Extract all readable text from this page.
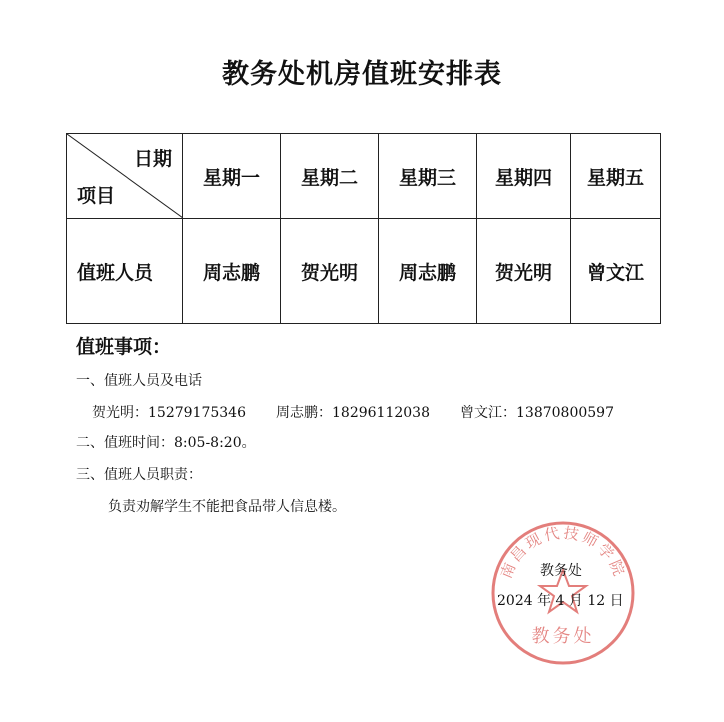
教务处机房值班安排表
日期
项目	星期一	星期二	星期三	星期四	星期五
值班人员	周志鹏	贺光明	周志鹏	贺光明	曾文江
值班事项：
一、值班人员及电话
贺光明：15279175346 周志鹏：18296112038 曾文江：13870800597
二、值班时间：8:05-8:20。
三、值班人员职责：
负责劝解学生不能把食品带人信息楼。
南昌现代技师学院
教务处
教务处
2024 年 4 月 12 日
